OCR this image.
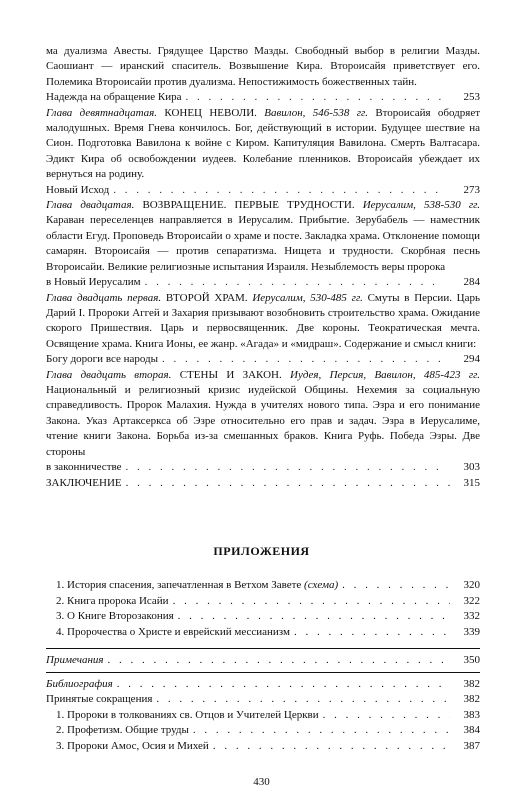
ма дуализма Авесты. Грядущее Царство Мазды. Свободный выбор в религии Мазды. Саошиант — иранский спаситель. Возвышение Кира. Второисайя приветствует его. Полемика Второисайи против дуализма. Непостижимость божественных тайн.
Надежда на обращение Кира . . .	253

Глава девятнадцатая. КОНЕЦ НЕВОЛИ. Вавилон, 546-538 гг. Второисайя ободряет малодушных. Время Гнева кончилось. Бог, действующий в истории. Будущее шествие на Сион. Подготовка Вавилона к войне с Киром. Капитуляция Вавилона. Смерть Валтасара. Эдикт Кира об освобождении иудеев. Колебание пленников. Второисайя убеждает их вернуться на родину.
Новый Исход . . .	273

Глава двадцатая. ВОЗВРАЩЕНИЕ. ПЕРВЫЕ ТРУДНОСТИ. Иерусалим, 538-530 гг. Караван переселенцев направляется в Иерусалим. Прибытие. Зерубабель — наместник области Егуд. Проповедь Второисайи о храме и посте. Закладка храма. Отклонение помощи самарян. Второисайя — против сепаратизма. Нищета и трудности. Скорбная песнь Второисайи. Великие религиозные испытания Израиля. Незыблемость веры пророка
в Новый Иерусалим . . .	284

Глава двадцать первая. ВТОРОЙ ХРАМ. Иерусалим, 530-485 гг. Смуты в Персии. Царь Дарий I. Пророки Аггей и Захария призывают возобновить строительство храма. Ожидание скорого Пришествия. Царь и первосвященник. Две короны. Теократическая мечта. Освящение храма. Книга Ионы, ее жанр. «Агада» и «мидраш». Содержание и смысл книги:
Богу дороги все народы . . .	294

Глава двадцать вторая. СТЕНЫ И ЗАКОН. Иудея, Персия, Вавилон, 485-423 гг. Национальный и религиозный кризис иудейской Общины. Нехемия за социальную справедливость. Пророк Малахия. Нужда в учителях нового типа. Эзра и его понимание Закона. Указ Артаксеркса об Эзре относительно его прав и задач. Эзра в Иерусалиме, чтение книги Закона. Борьба из-за смешанных браков. Книга Руфь. Победа Эзры. Две стороны
в законничестве . . .	303

ЗАКЛЮЧЕНИЕ . . .	315
ПРИЛОЖЕНИЯ
1. История спасения, запечатленная в Ветхом Завете (схема) . . .	320
2. Книга пророка Исайи . . .	322
3. О Книге Второзакония . . .	332
4. Пророчества о Христе и еврейский мессианизм . . .	339
Примечания . . .	350
Библиография . . .	382
Принятые сокращения . . .	382
1. Пророки в толкованиях св. Отцов и Учителей Церкви . . .	383
2. Профетизм. Общие труды . . .	384
3. Пророки Амос, Осия и Михей . . .	387
430
